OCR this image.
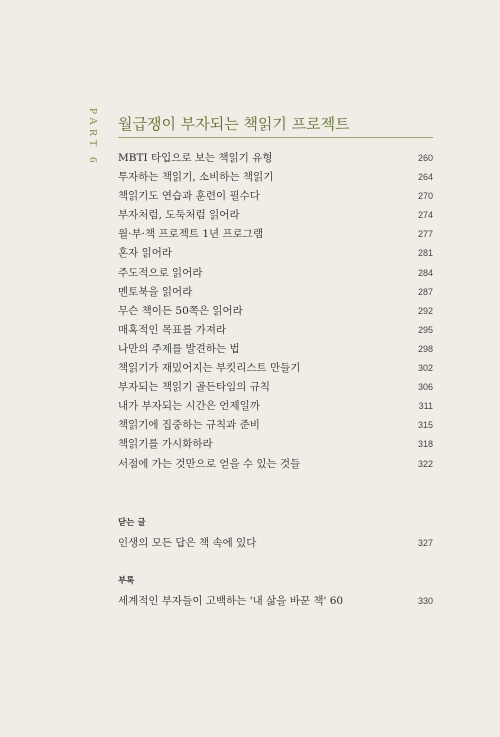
PART 6 월급쟁이 부자되는 책읽기 프로젝트
MBTI 타입으로 보는 책읽기 유형	260
투자하는 책읽기, 소비하는 책읽기	264
책읽기도 연습과 훈련이 필수다	270
부자처럼, 도둑처럼 읽어라	274
월·부·책 프로젝트 1년 프로그램	277
혼자 읽어라	281
주도적으로 읽어라	284
멘토북을 읽어라	287
무슨 책이든 50쪽은 읽어라	292
매혹적인 목표를 가져라	295
나만의 주제를 발견하는 법	298
책읽기가 재밌어지는 부킷리스트 만들기	302
부자되는 책읽기 골든타임의 규칙	306
내가 부자되는 시간은 언제일까	311
책읽기에 집중하는 규칙과 준비	315
책읽기를 가시화하라	318
서점에 가는 것만으로 얻을 수 있는 것들	322
닫는 글
인생의 모든 답은 책 속에 있다	327
부록
세계적인 부자들이 고백하는 '내 삶을 바꾼 책' 60	330
